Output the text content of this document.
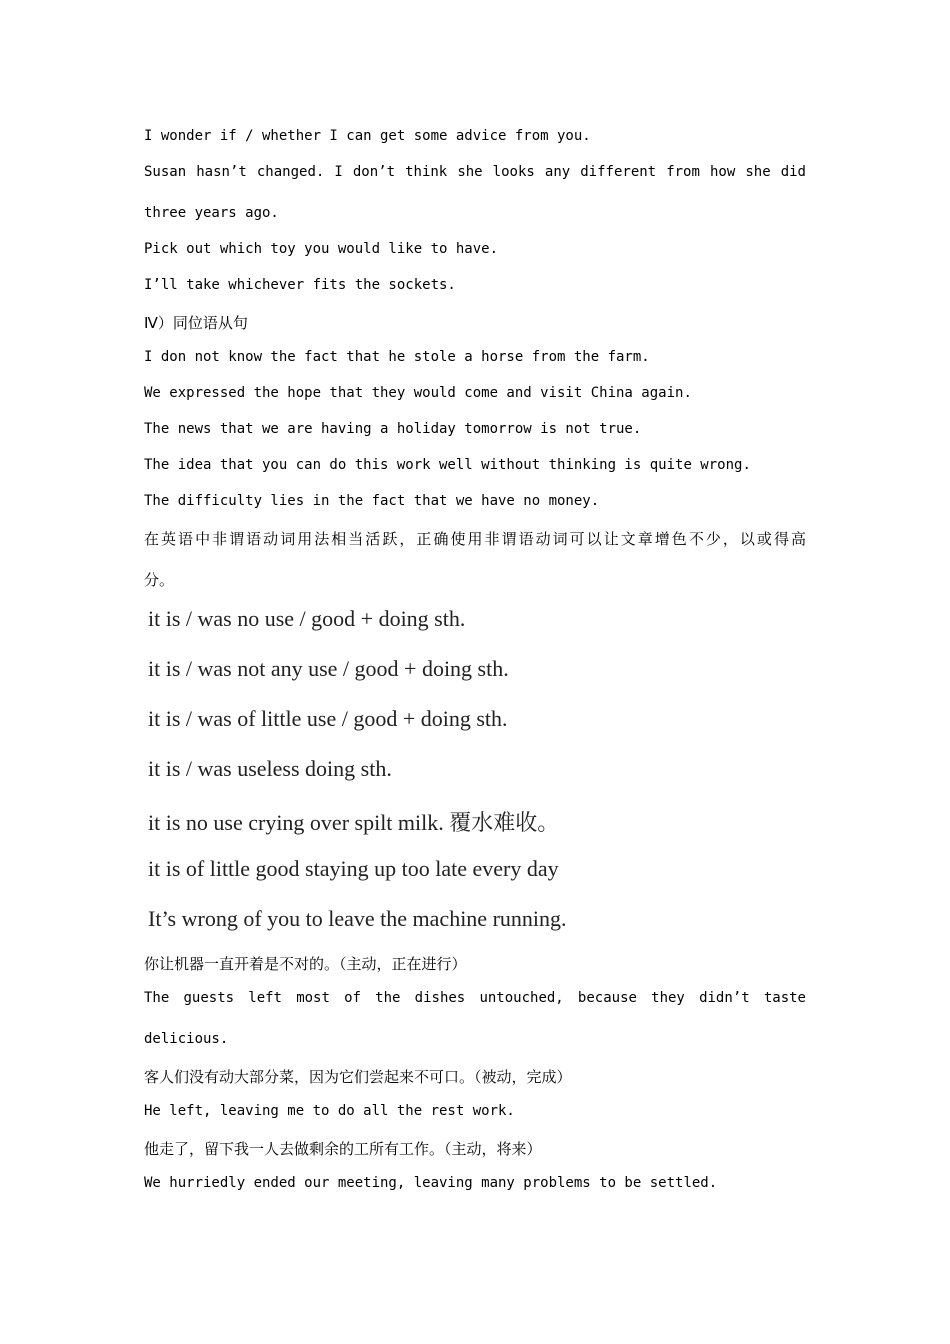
I wonder if / whether I can get some advice from you.
Susan hasn’t changed. I don’t think she looks any different from how she did
three years ago.
Pick out which toy you would like to have.
I’ll take whichever fits the sockets.
Ⅳ）同位语从句
I don not know the fact that he stole a horse from the farm.
We expressed the hope that they would come and visit China again.
The news that we are having a holiday tomorrow is not true.
The idea that you can do this work well without thinking is quite wrong.
The difficulty lies in the fact that we have no money.
在英语中非谓语动词用法相当活跃，正确使用非谓语动词可以让文章增色不少，以或得高
分。
it is / was no use / good + doing sth.
it is / was not any use / good + doing sth.
it is / was of little use / good + doing sth.
it is / was useless doing sth.
it is no use crying over spilt milk. 覆水难收。
it is of little good staying up too late every day
It’s wrong of you to leave the machine running.
你让机器一直开着是不对的。（主动，正在进行）
The guests left most of the dishes untouched, because they didn’t taste
delicious.
客人们没有动大部分菜，因为它们尝起来不可口。（被动，完成）
He left, leaving me to do all the rest work.
他走了，留下我一人去做剩余的工所有工作。（主动，将来）
We hurriedly ended our meeting, leaving many problems to be settled.
